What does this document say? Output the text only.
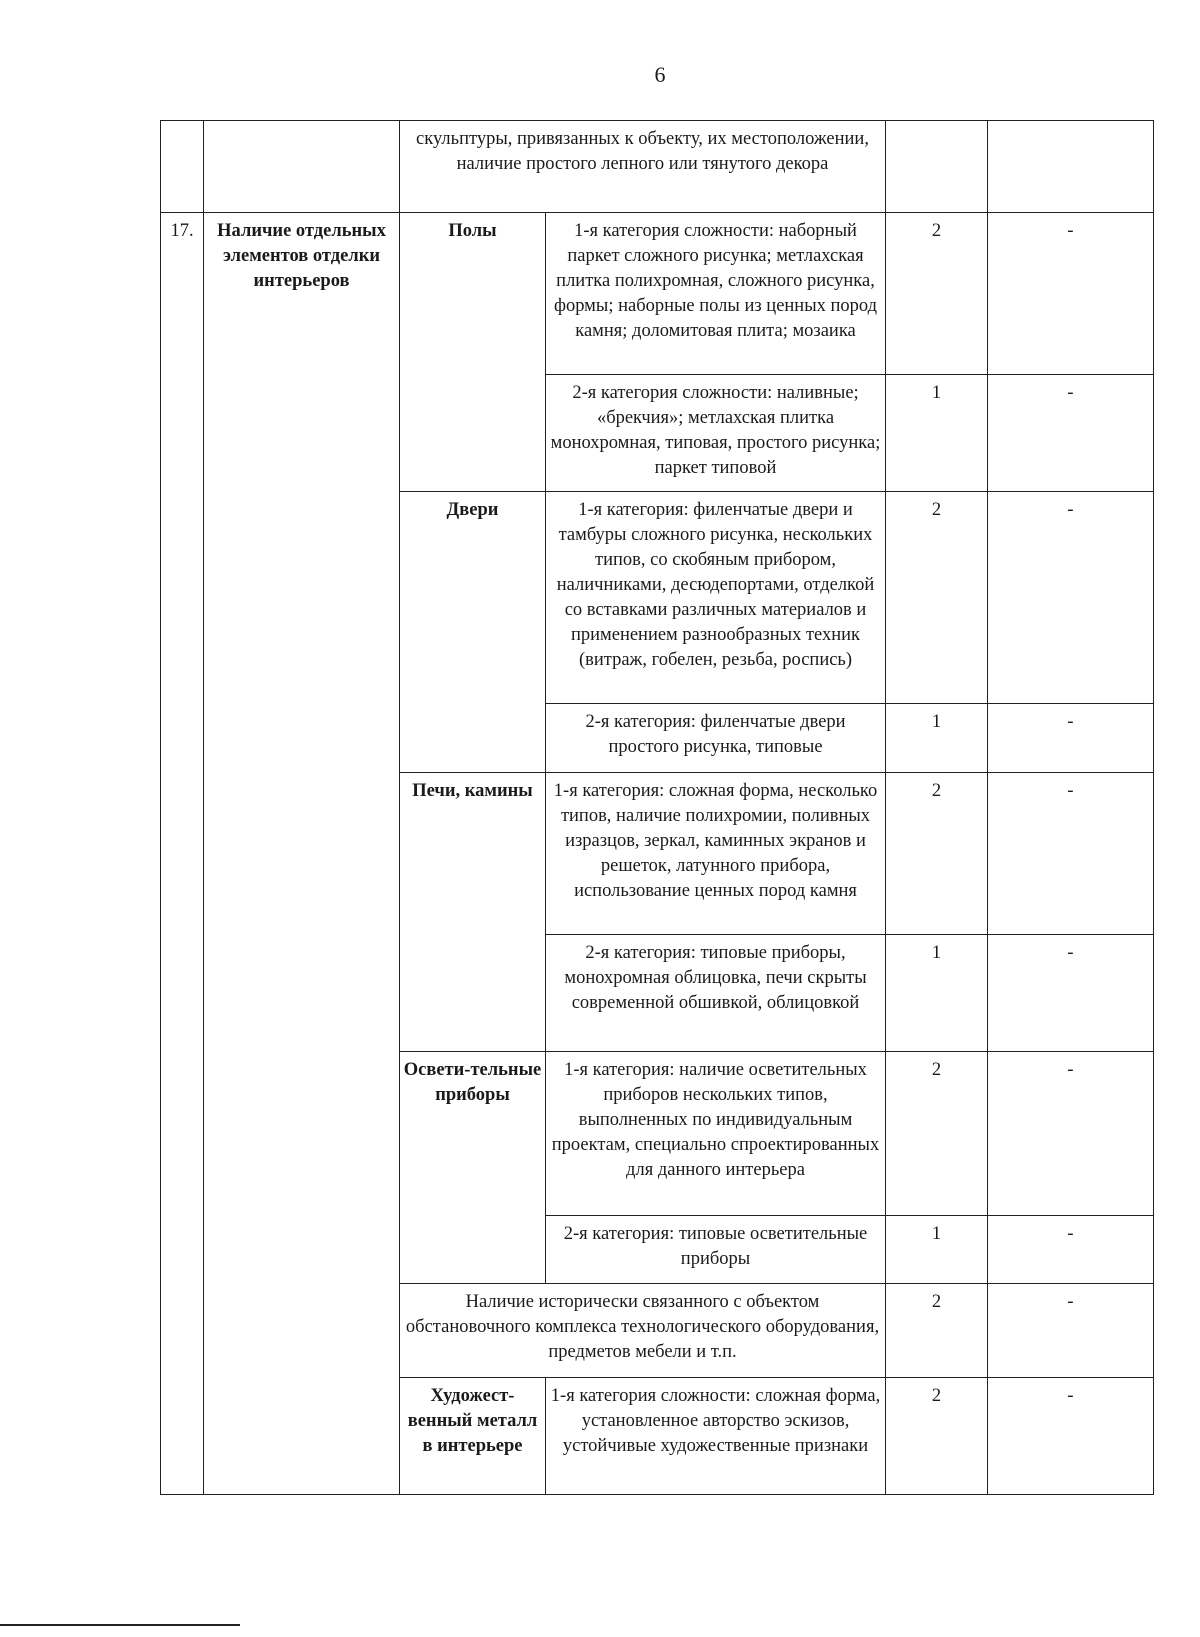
6
		скульптуры, привязанных к объекту, их местоположении, наличие простого лепного или тянутого декора			
17.	Наличие отдельных элементов отделки интерьеров	Полы	1-я категория сложности: наборный паркет сложного рисунка; метлахская плитка полихромная, сложного рисунка, формы; наборные полы из ценных пород камня; доломитовая плита; мозаика	2	-
			2-я категория сложности: наливные; «брекчия»; метлахская плитка монохромная, типовая, простого рисунка; паркет типовой	1	-
		Двери	1-я категория: филенчатые двери и тамбуры сложного рисунка, нескольких типов, со скобяным прибором, наличниками, десюдепортами, отделкой со вставками различных материалов и применением разнообразных техник (витраж, гобелен, резьба, роспись)	2	-
			2-я категория: филенчатые двери простого рисунка, типовые	1	-
		Печи, камины	1-я категория: сложная форма, несколько типов, наличие полихромии, поливных изразцов, зеркал, каминных экранов и решеток, латунного прибора, использование ценных пород камня	2	-
			2-я категория: типовые приборы, монохромная облицовка, печи скрыты современной обшивкой, облицовкой	1	-
		Освети-тельные приборы	1-я категория: наличие осветительных приборов нескольких типов, выполненных по индивидуальным проектам, специально спроектированных для данного интерьера	2	-
			2-я категория: типовые осветительные приборы	1	-
		Наличие исторически связанного с объектом обстановочного комплекса технологического оборудования, предметов мебели и т.п.		2	-
		Художест-венный металл в интерьере	1-я категория сложности: сложная форма, установленное авторство эскизов, устойчивые художественные признаки	2	-
